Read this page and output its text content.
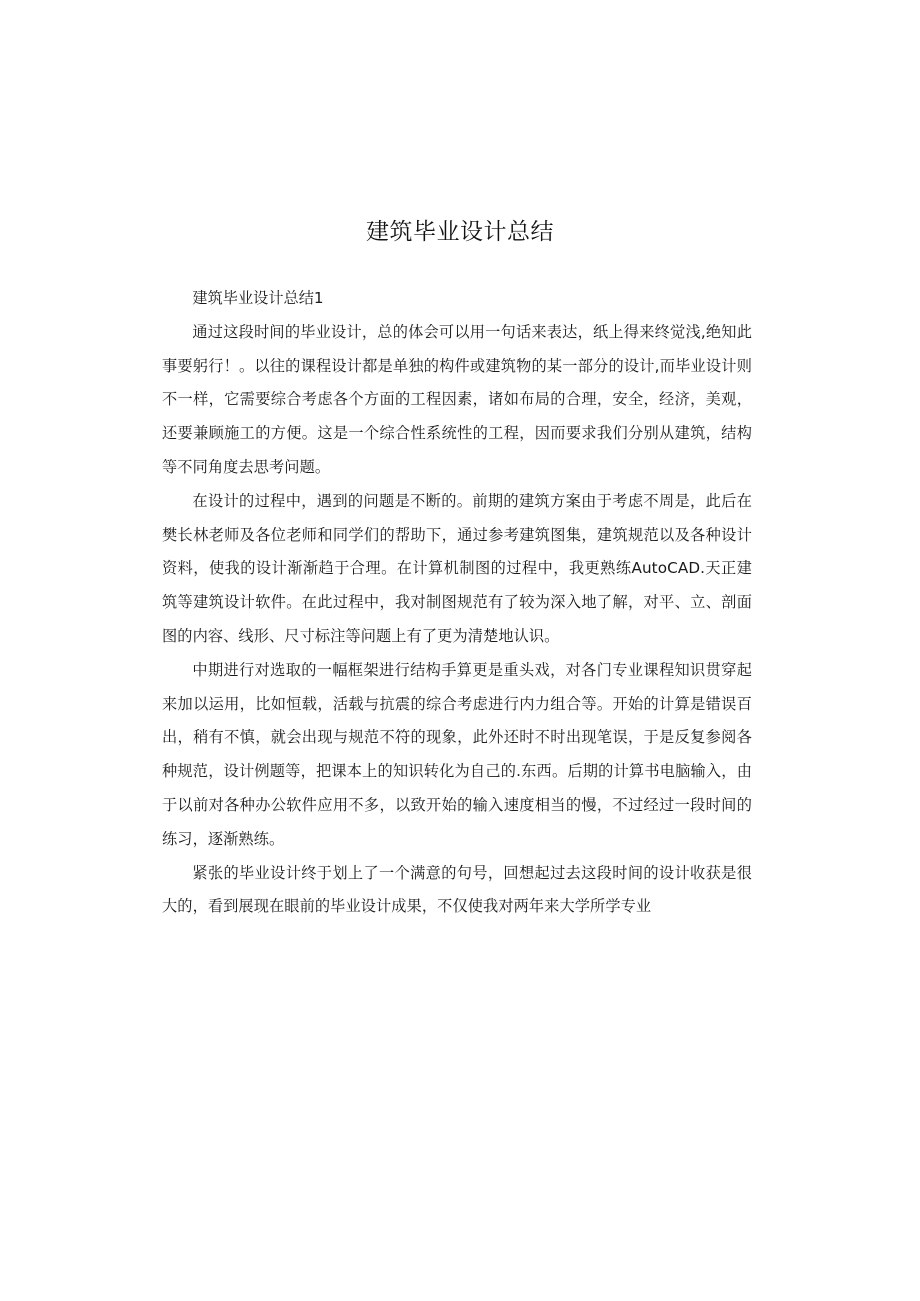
建筑毕业设计总结

建筑毕业设计总结1

通过这段时间的毕业设计，总的体会可以用一句话来表达，纸上得来终觉浅,绝知此事要躬行！。以往的课程设计都是单独的构件或建筑物的某一部分的设计,而毕业设计则不一样，它需要综合考虑各个方面的工程因素，诸如布局的合理，安全，经济，美观，还要兼顾施工的方便。这是一个综合性系统性的工程，因而要求我们分别从建筑，结构等不同角度去思考问题。

在设计的过程中，遇到的问题是不断的。前期的建筑方案由于考虑不周是，此后在樊长林老师及各位老师和同学们的帮助下，通过参考建筑图集，建筑规范以及各种设计资料，使我的设计渐渐趋于合理。在计算机制图的过程中，我更熟练AutoCAD.天正建筑等建筑设计软件。在此过程中，我对制图规范有了较为深入地了解，对平、立、剖面图的内容、线形、尺寸标注等问题上有了更为清楚地认识。

中期进行对选取的一幅框架进行结构手算更是重头戏，对各门专业课程知识贯穿起来加以运用，比如恒载，活载与抗震的综合考虑进行内力组合等。开始的计算是错误百出，稍有不慎，就会出现与规范不符的现象，此外还时不时出现笔误，于是反复参阅各种规范，设计例题等，把课本上的知识转化为自己的.东西。后期的计算书电脑输入，由于以前对各种办公软件应用不多，以致开始的输入速度相当的慢，不过经过一段时间的练习，逐渐熟练。

紧张的毕业设计终于划上了一个满意的句号，回想起过去这段时间的设计收获是很大的，看到展现在眼前的毕业设计成果，不仅使我对两年来大学所学专业
